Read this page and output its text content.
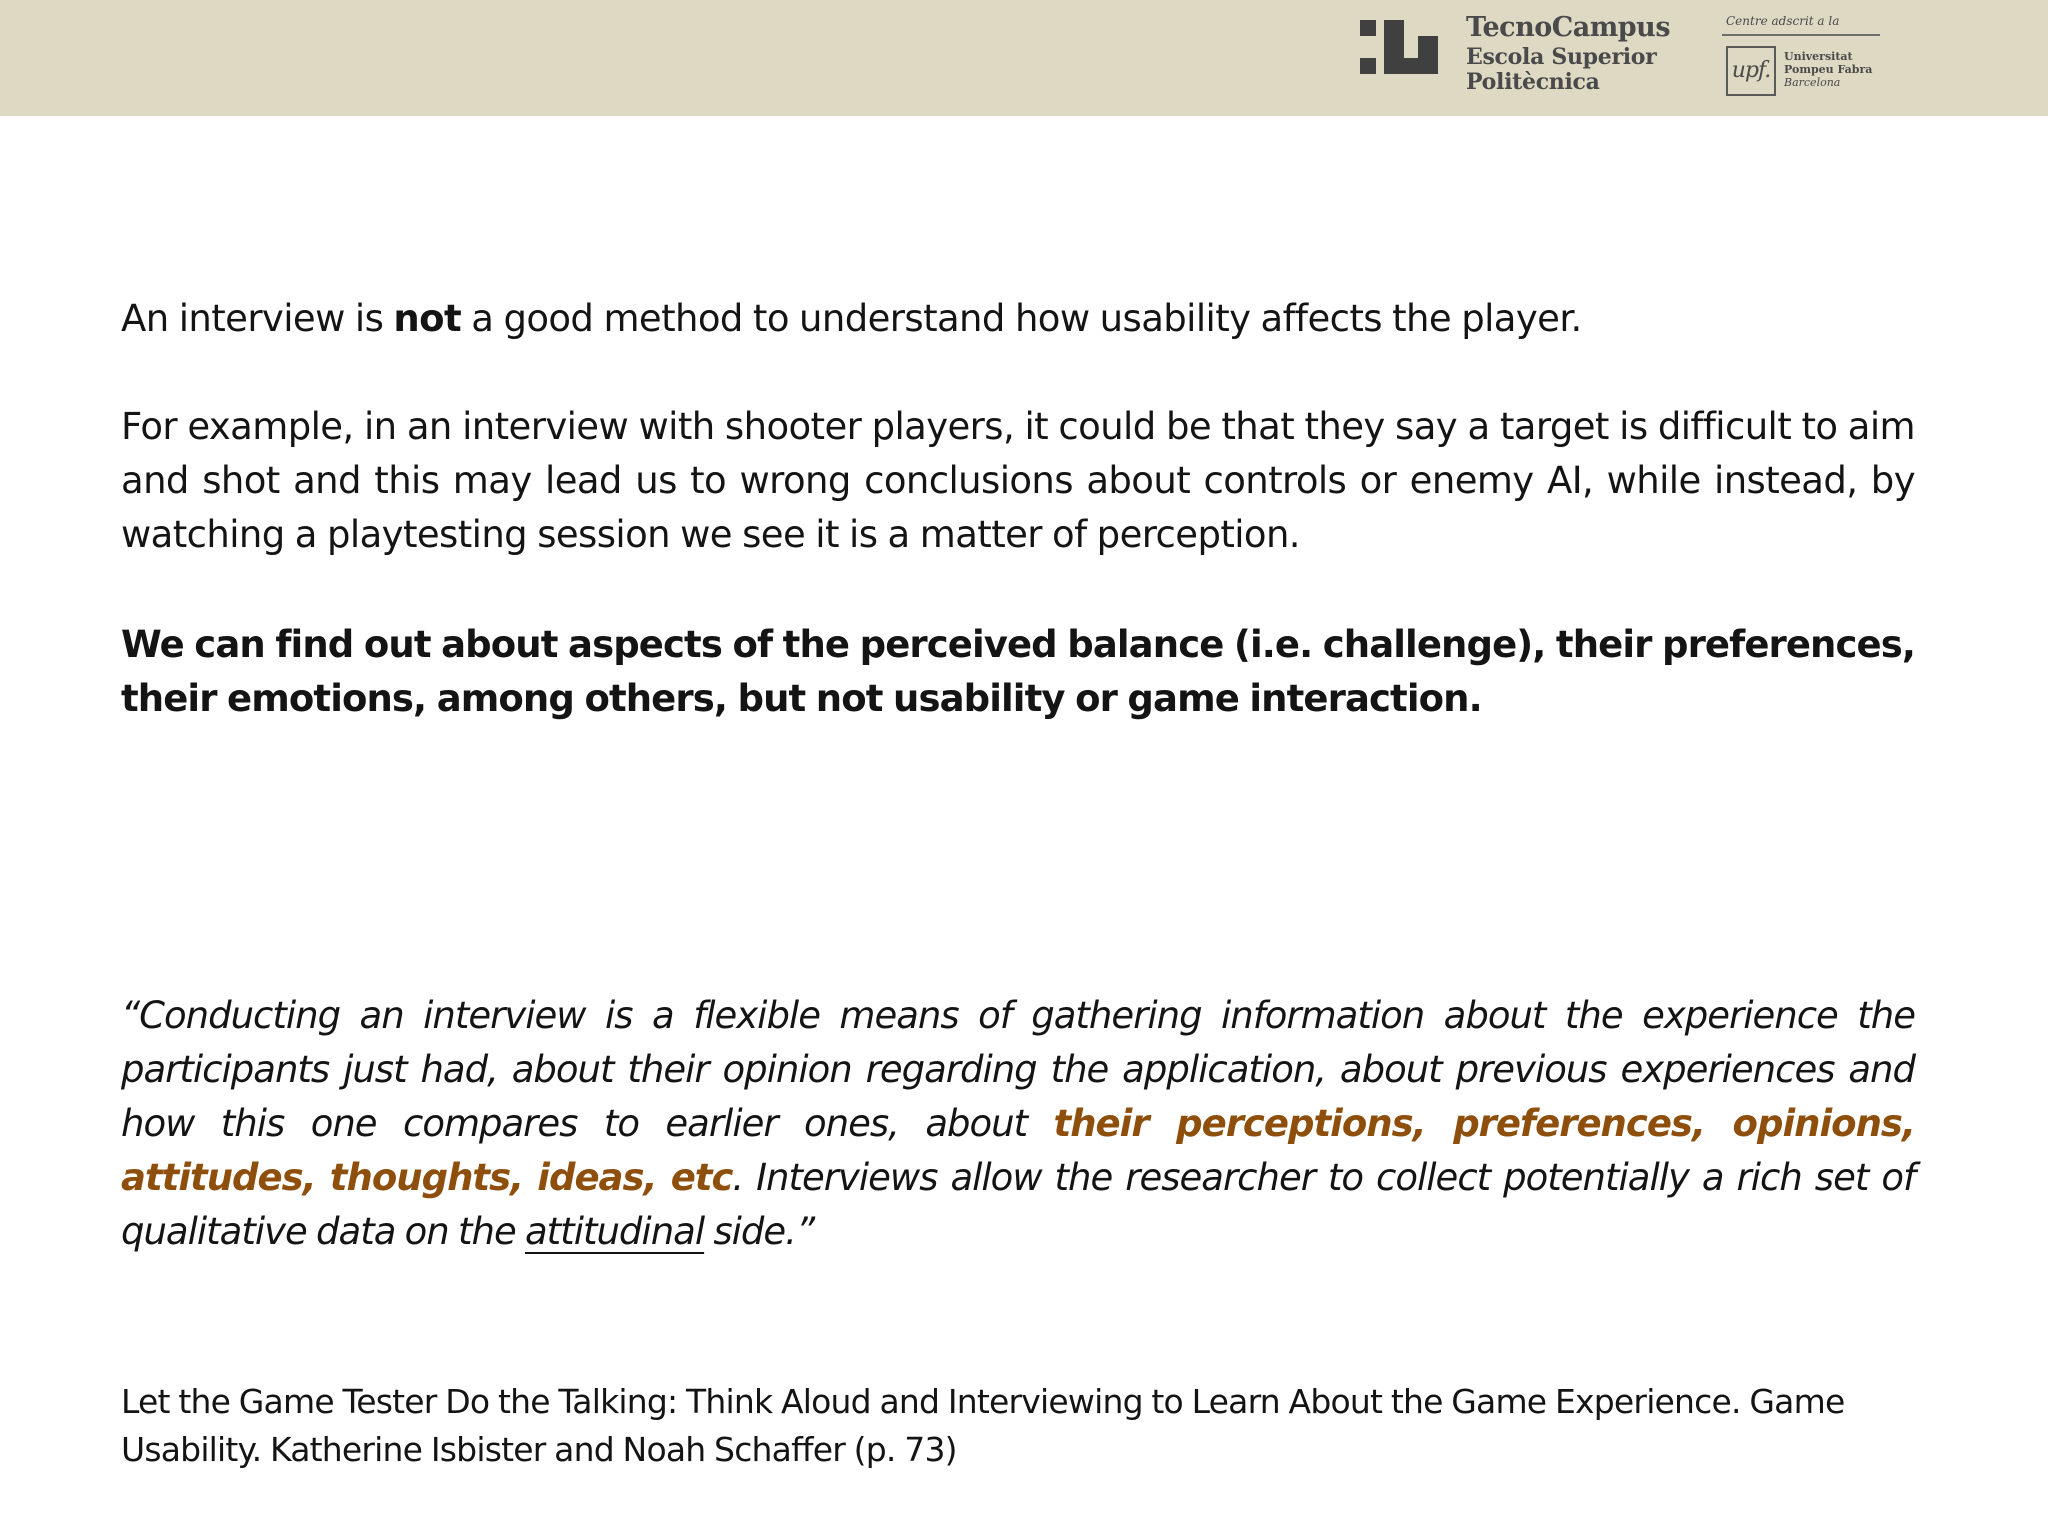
TecnoCampus
Escola Superior
Politècnica
Centre adscrit a la
upf.
Universitat
Pompeu Fabra
Barcelona

An interview is not a good method to understand how usability affects the player.

For example, in an interview with shooter players, it could be that they say a target is difficult to aim and shot and this may lead us to wrong conclusions about controls or enemy AI, while instead, by watching a playtesting session we see it is a matter of perception.

We can find out about aspects of the perceived balance (i.e. challenge), their preferences, their emotions, among others, but not usability or game interaction.

“Conducting an interview is a flexible means of gathering information about the experience the participants just had, about their opinion regarding the application, about previous experiences and how this one compares to earlier ones, about their perceptions, preferences, opinions, attitudes, thoughts, ideas, etc. Interviews allow the researcher to collect potentially a rich set of qualitative data on the attitudinal side.”

Let the Game Tester Do the Talking: Think Aloud and Interviewing to Learn About the Game Experience. Game Usability. Katherine Isbister and Noah Schaffer (p. 73)
